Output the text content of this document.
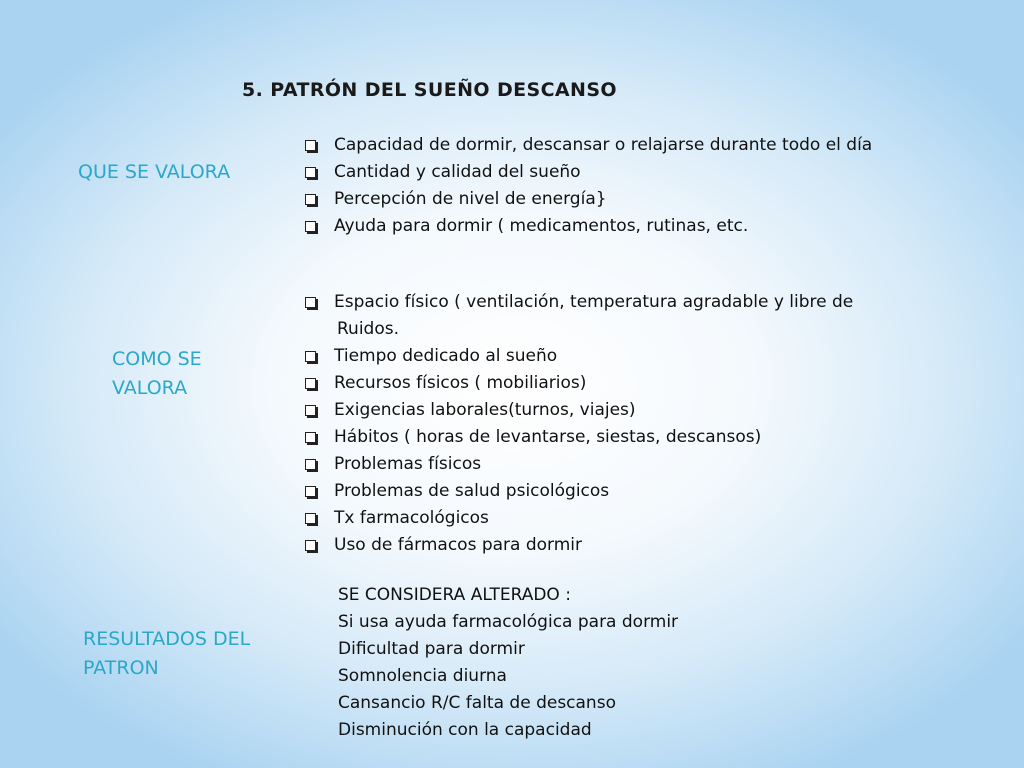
5. PATRÓN DEL SUEÑO DESCANSO
QUE SE VALORA
Capacidad de dormir, descansar o relajarse durante todo el día
Cantidad y calidad del sueño
Percepción de nivel de energía}
Ayuda para dormir ( medicamentos, rutinas, etc.
COMO SE
VALORA
Espacio físico ( ventilación, temperatura agradable y libre de
Ruidos.
Tiempo dedicado al sueño
Recursos físicos ( mobiliarios)
Exigencias laborales(turnos, viajes)
Hábitos ( horas de levantarse, siestas, descansos)
Problemas físicos
Problemas de salud psicológicos
Tx farmacológicos
Uso de fármacos para dormir
RESULTADOS DEL
PATRON
SE CONSIDERA ALTERADO :
Si usa ayuda farmacológica para dormir
Dificultad para dormir
Somnolencia diurna
Cansancio R/C falta de descanso
Disminución con la capacidad
